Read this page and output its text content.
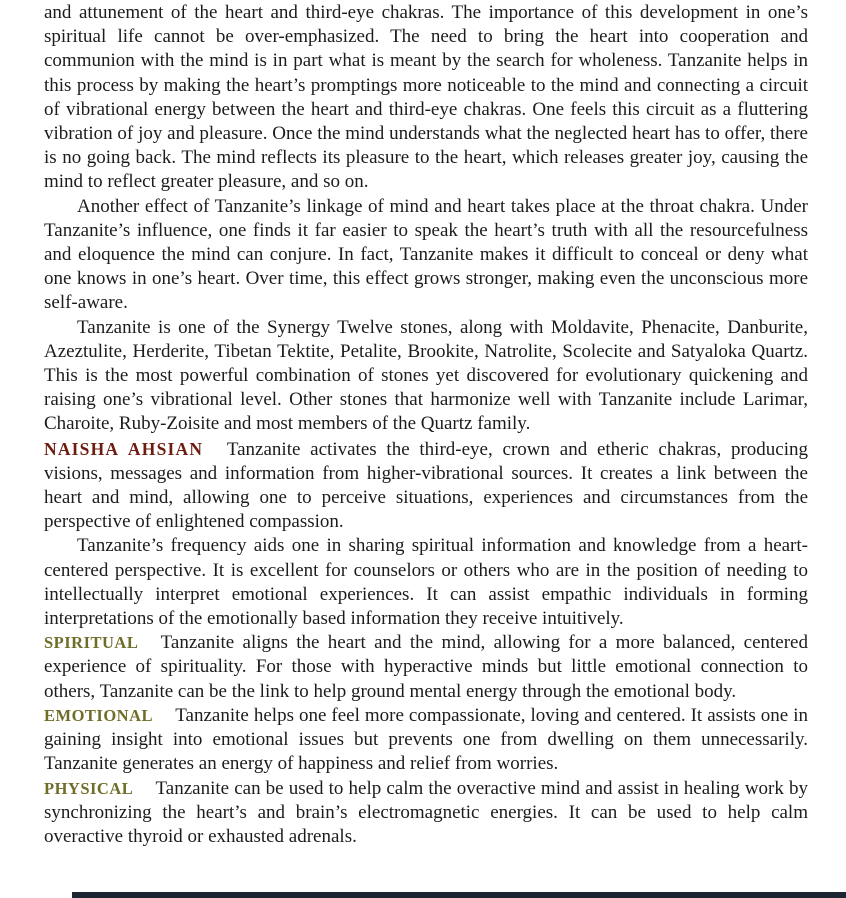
and attunement of the heart and third-eye chakras. The importance of this development in one’s spiritual life cannot be over-emphasized. The need to bring the heart into cooperation and communion with the mind is in part what is meant by the search for wholeness. Tanzanite helps in this process by making the heart’s promptings more noticeable to the mind and connecting a circuit of vibrational energy between the heart and third-eye chakras. One feels this circuit as a fluttering vibration of joy and pleasure. Once the mind understands what the neglected heart has to offer, there is no going back. The mind reflects its pleasure to the heart, which releases greater joy, causing the mind to reflect greater pleasure, and so on.

Another effect of Tanzanite’s linkage of mind and heart takes place at the throat chakra. Under Tanzanite’s influence, one finds it far easier to speak the heart’s truth with all the resourcefulness and eloquence the mind can conjure. In fact, Tanzanite makes it difficult to conceal or deny what one knows in one’s heart. Over time, this effect grows stronger, making even the unconscious more self-aware.

Tanzanite is one of the Synergy Twelve stones, along with Moldavite, Phenacite, Danburite, Azeztulite, Herderite, Tibetan Tektite, Petalite, Brookite, Natrolite, Scolecite and Satyaloka Quartz. This is the most powerful combination of stones yet discovered for evolutionary quickening and raising one’s vibrational level. Other stones that harmonize well with Tanzanite include Larimar, Charoite, Ruby-Zoisite and most members of the Quartz family.

NAISHA AHSIAN Tanzanite activates the third-eye, crown and etheric chakras, producing visions, messages and information from higher-vibrational sources. It creates a link between the heart and mind, allowing one to perceive situations, experiences and circumstances from the perspective of enlightened compassion.

Tanzanite’s frequency aids one in sharing spiritual information and knowledge from a heart-centered perspective. It is excellent for counselors or others who are in the position of needing to intellectually interpret emotional experiences. It can assist empathic individuals in forming interpretations of the emotionally based information they receive intuitively.

SPIRITUAL Tanzanite aligns the heart and the mind, allowing for a more balanced, centered experience of spirituality. For those with hyperactive minds but little emotional connection to others, Tanzanite can be the link to help ground mental energy through the emotional body.

EMOTIONAL Tanzanite helps one feel more compassionate, loving and centered. It assists one in gaining insight into emotional issues but prevents one from dwelling on them unnecessarily. Tanzanite generates an energy of happiness and relief from worries.

PHYSICAL Tanzanite can be used to help calm the overactive mind and assist in healing work by synchronizing the heart’s and brain’s electromagnetic energies. It can be used to help calm overactive thyroid or exhausted adrenals.
